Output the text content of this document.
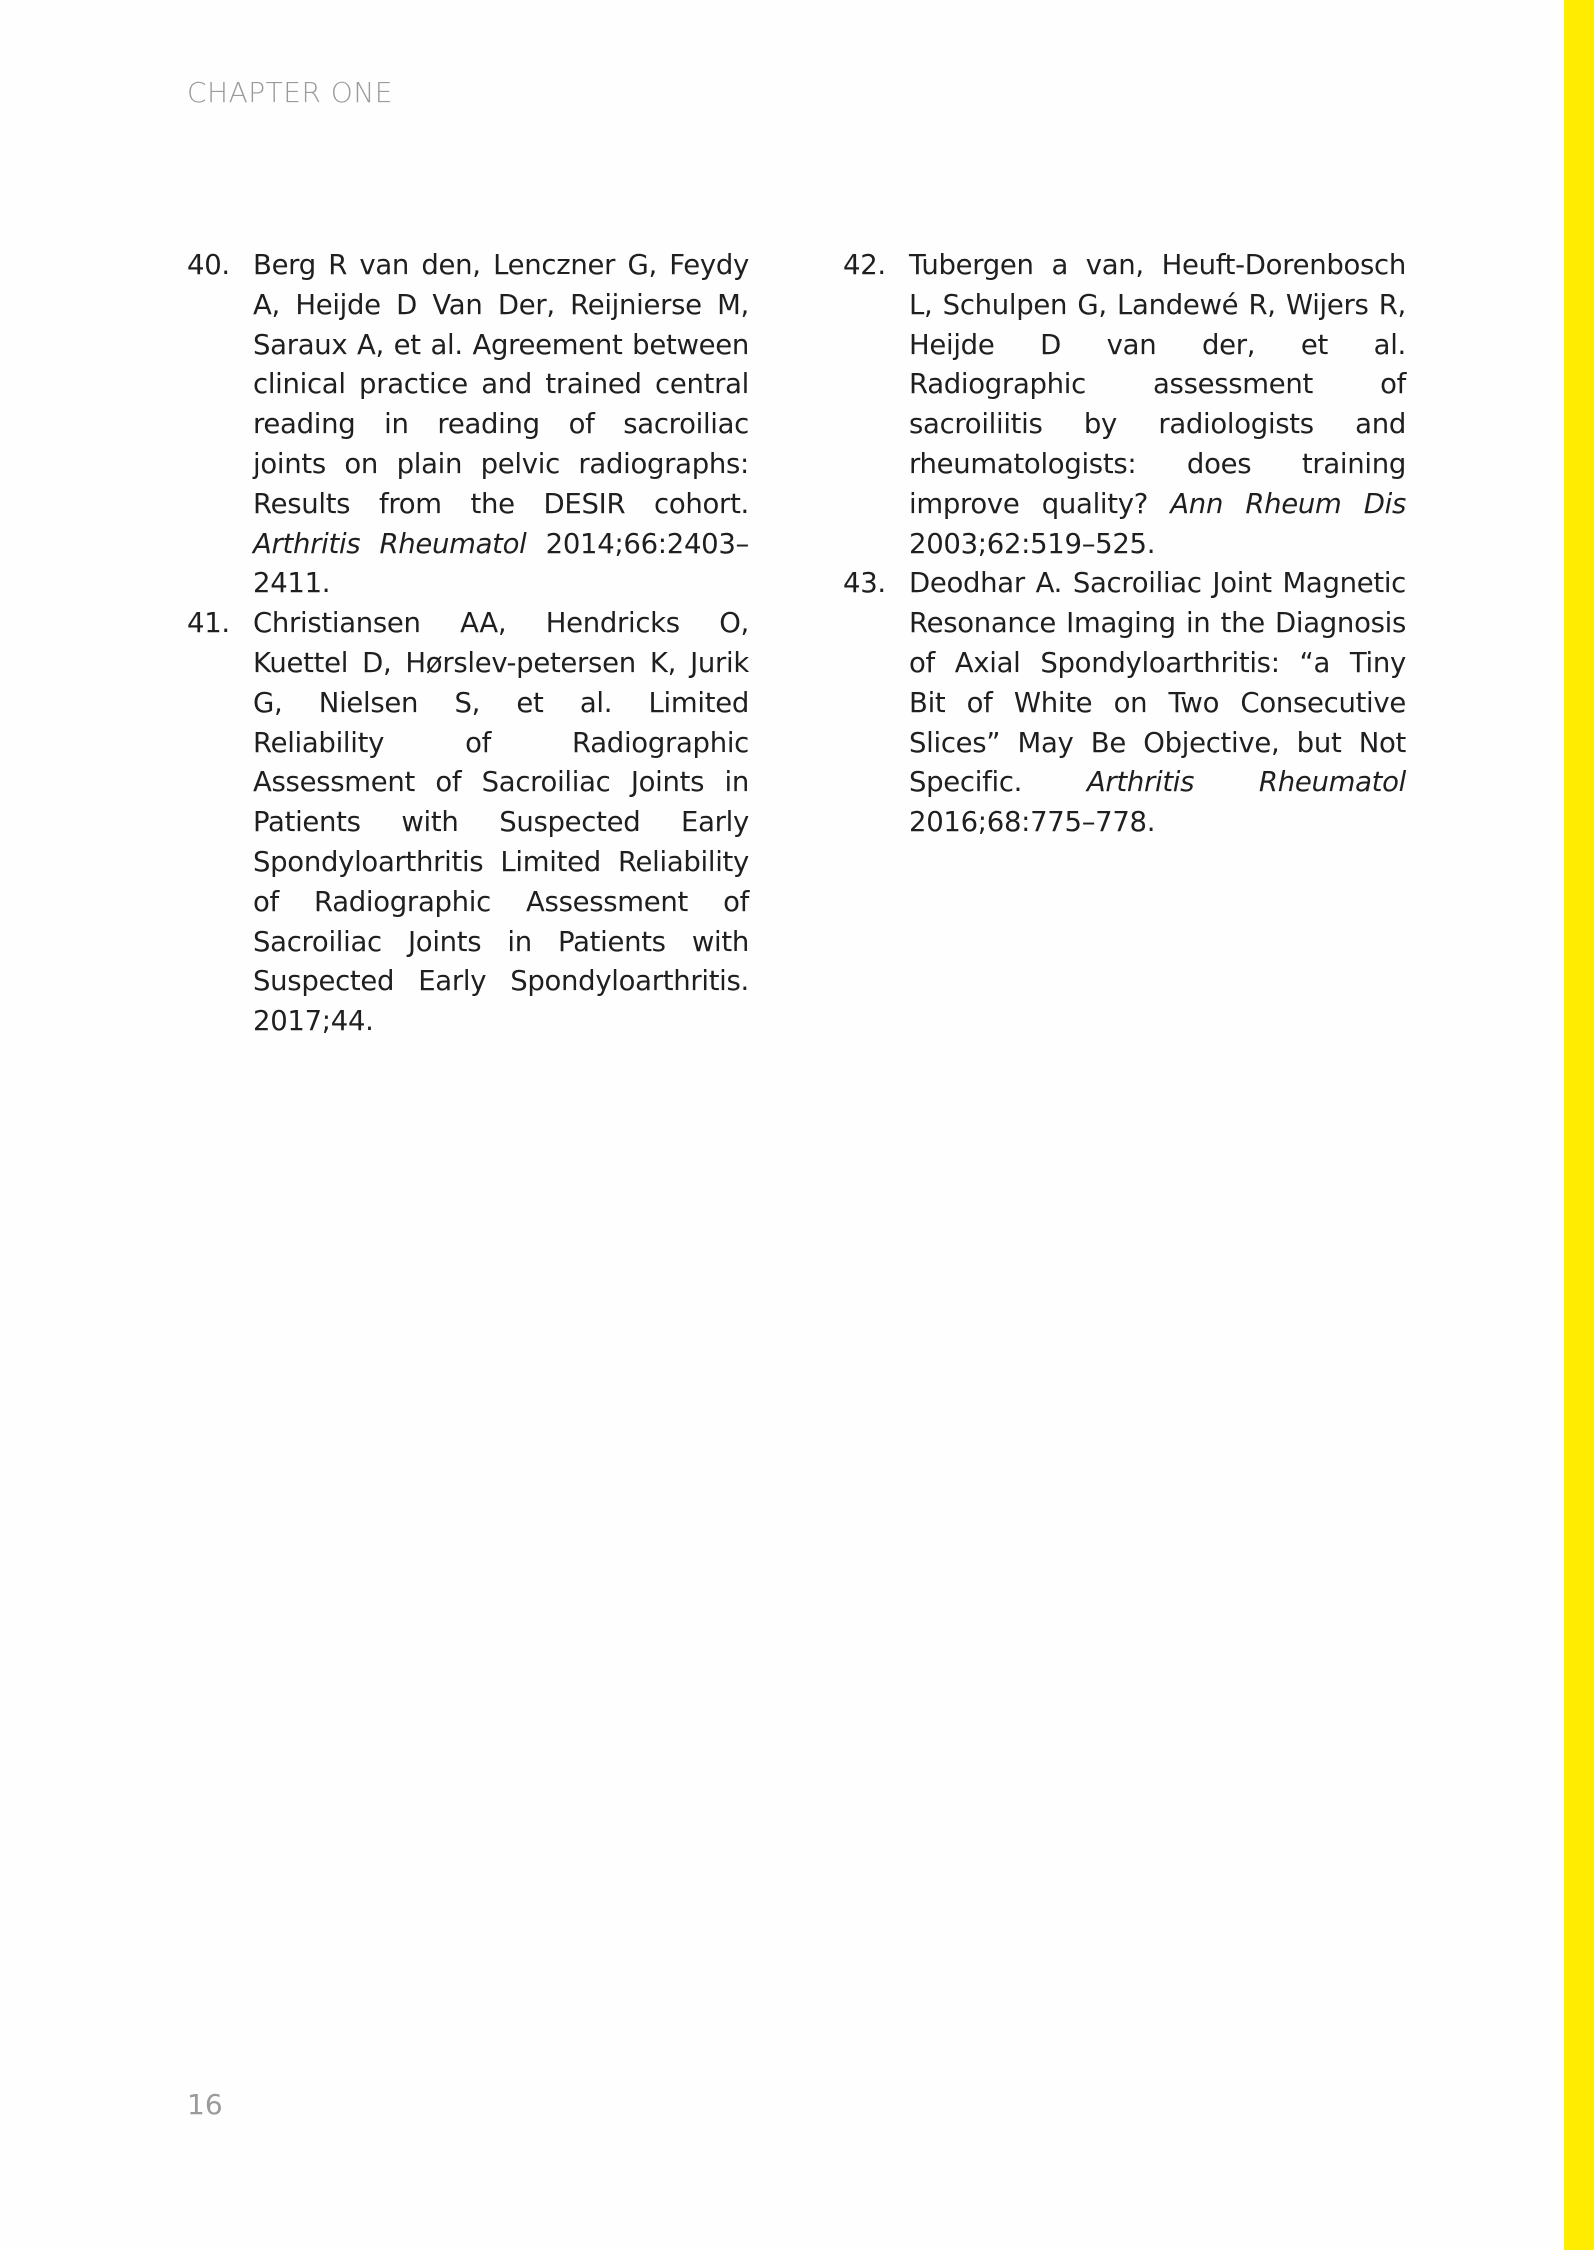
CHAPTER ONE
40. Berg R van den, Lenczner G, Feydy A, Heijde D Van Der, Reijnierse M, Saraux A, et al. Agreement between clinical practice and trained central reading in reading of sacroiliac joints on plain pelvic radiographs: Results from the DESIR cohort. Arthritis Rheumatol 2014;66:2403–2411.
41. Christiansen AA, Hendricks O, Kuettel D, Hørslev-petersen K, Jurik G, Nielsen S, et al. Limited Reliability of Radiographic Assessment of Sacroiliac Joints in Patients with Suspected Early Spondyloarthritis Limited Reliability of Radiographic Assessment of Sacroiliac Joints in Patients with Suspected Early Spondyloarthritis. 2017;44.
42. Tubergen a van, Heuft-Dorenbosch L, Schulpen G, Landewé R, Wijers R, Heijde D van der, et al. Radiographic assessment of sacroiliitis by radiologists and rheumatologists: does training improve quality? Ann Rheum Dis 2003;62:519–525.
43. Deodhar A. Sacroiliac Joint Magnetic Resonance Imaging in the Diagnosis of Axial Spondyloarthritis: “a Tiny Bit of White on Two Consecutive Slices” May Be Objective, but Not Specific. Arthritis Rheumatol 2016;68:775–778.
16
